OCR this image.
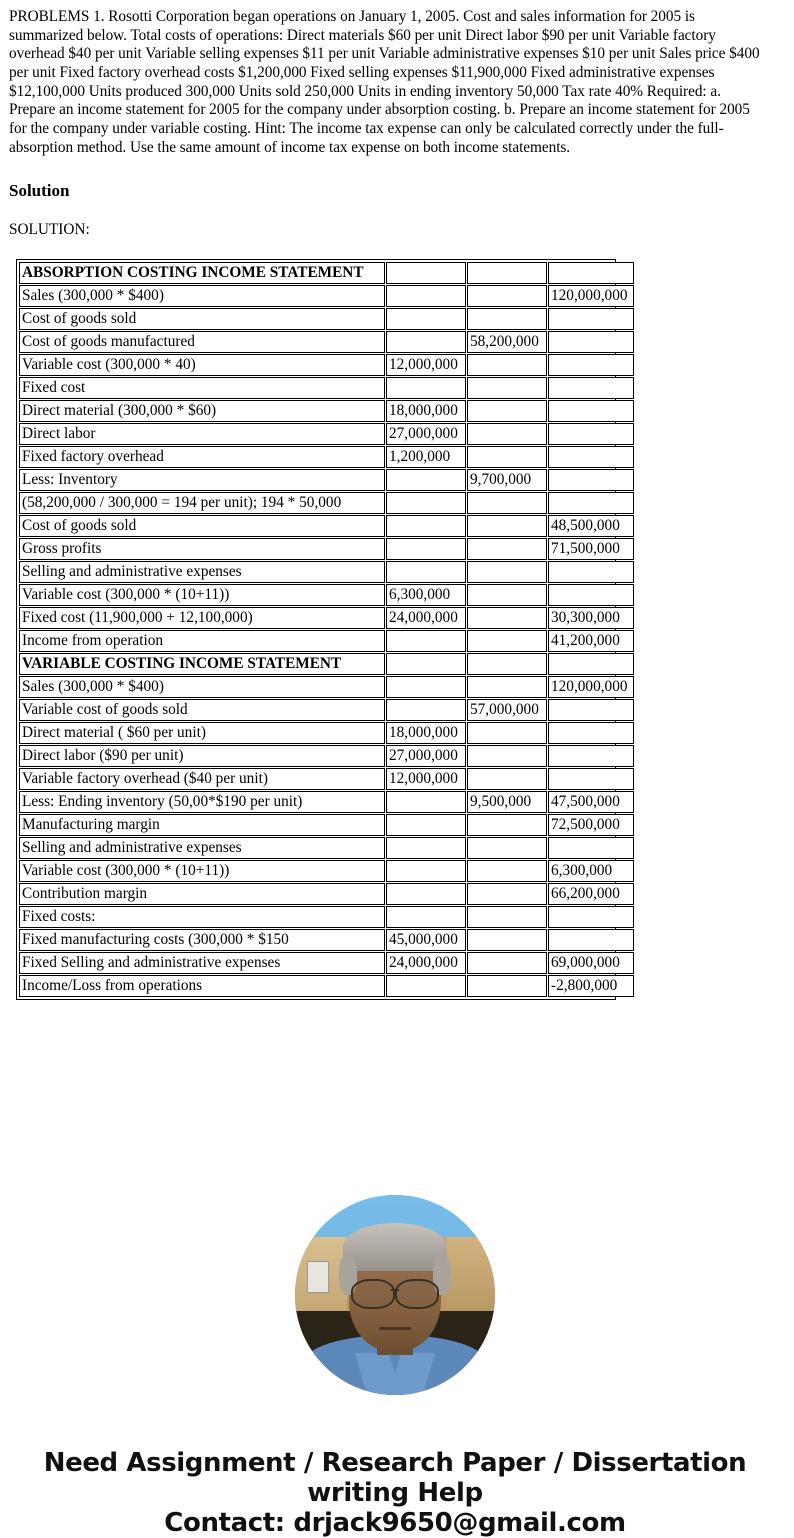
PROBLEMS 1. Rosotti Corporation began operations on January 1, 2005. Cost and sales information for 2005 is summarized below. Total costs of operations: Direct materials $60 per unit Direct labor $90 per unit Variable factory overhead $40 per unit Variable selling expenses $11 per unit Variable administrative expenses $10 per unit Sales price $400 per unit Fixed factory overhead costs $1,200,000 Fixed selling expenses $11,900,000 Fixed administrative expenses $12,100,000 Units produced 300,000 Units sold 250,000 Units in ending inventory 50,000 Tax rate 40% Required: a. Prepare an income statement for 2005 for the company under absorption costing. b. Prepare an income statement for 2005 for the company under variable costing. Hint: The income tax expense can only be calculated correctly under the full-absorption method. Use the same amount of income tax expense on both income statements.

Solution
SOLUTION:
ABSORPTION COSTING INCOME STATEMENT			
Sales (300,000 * $400)			120,000,000
Cost of goods sold			
Cost of goods manufactured		58,200,000	
Variable cost (300,000 * 40)	12,000,000		
Fixed cost			
Direct material (300,000 * $60)	18,000,000		
Direct labor	27,000,000		
Fixed factory overhead	1,200,000		
Less: Inventory		9,700,000	
(58,200,000 / 300,000 = 194 per unit); 194 * 50,000			
Cost of goods sold			48,500,000
Gross profits			71,500,000
Selling and administrative expenses			
Variable cost (300,000 * (10+11))	6,300,000		
Fixed cost (11,900,000 + 12,100,000)	24,000,000		30,300,000
Income from operation			41,200,000
VARIABLE COSTING INCOME STATEMENT			
Sales (300,000 * $400)			120,000,000
Variable cost of goods sold		57,000,000	
Direct material ( $60 per unit)	18,000,000		
Direct labor ($90 per unit)	27,000,000		
Variable factory overhead ($40 per unit)	12,000,000		
Less: Ending inventory (50,00*$190 per unit)		9,500,000	47,500,000
Manufacturing margin			72,500,000
Selling and administrative expenses			
Variable cost (300,000 * (10+11))			6,300,000
Contribution margin			66,200,000
Fixed costs:			
Fixed manufacturing costs (300,000 * $150	45,000,000		
Fixed Selling and administrative expenses	24,000,000		69,000,000
Income/Loss from operations			-2,800,000
Need Assignment / Research Paper / Dissertation writing Help
Contact: drjack9650@gmail.com
